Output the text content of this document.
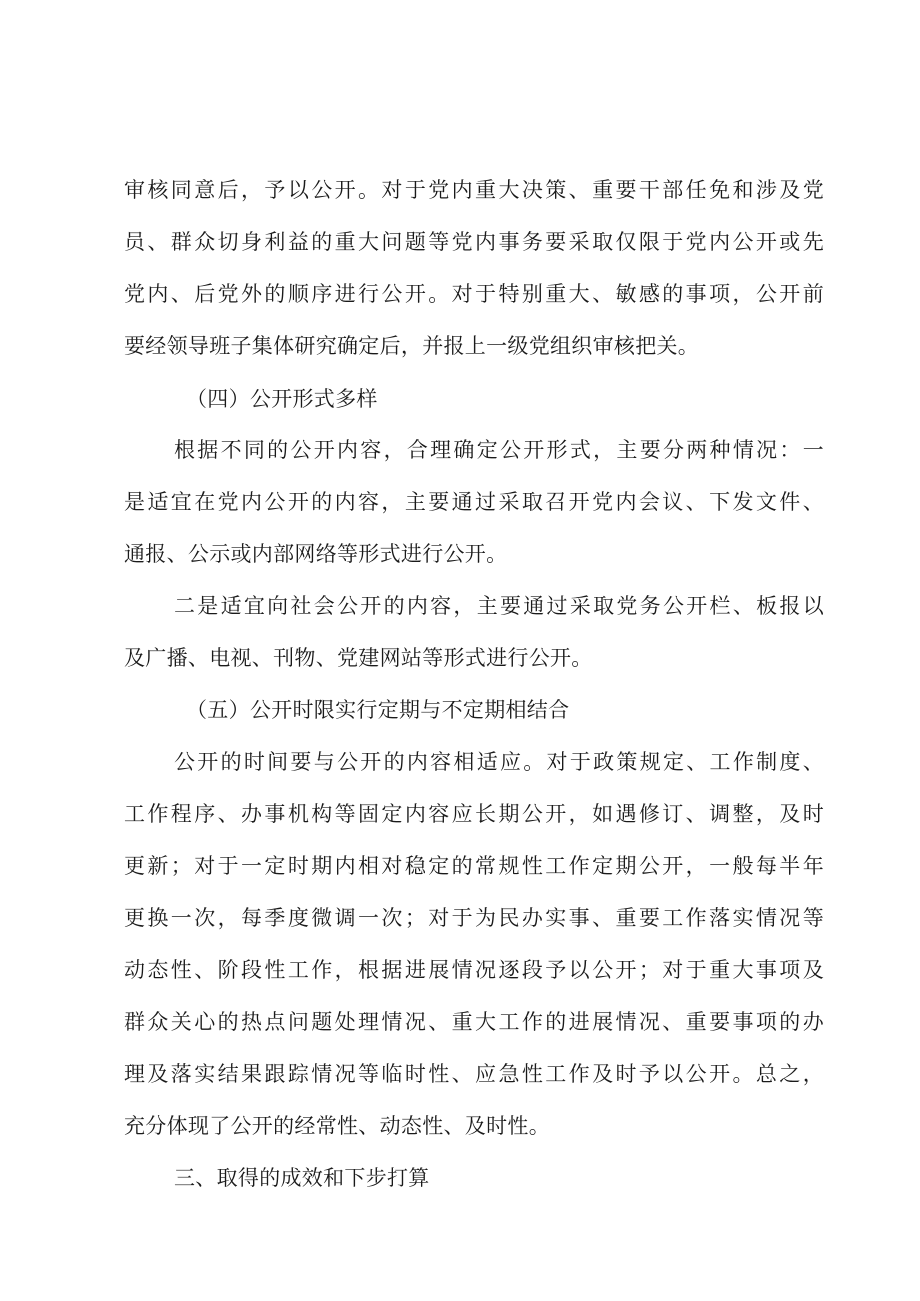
审核同意后，予以公开。对于党内重大决策、重要干部任免和涉及党
员、群众切身利益的重大问题等党内事务要采取仅限于党内公开或先
党内、后党外的顺序进行公开。对于特别重大、敏感的事项，公开前
要经领导班子集体研究确定后，并报上一级党组织审核把关。
（四）公开形式多样
根据不同的公开内容，合理确定公开形式，主要分两种情况：一
是适宜在党内公开的内容，主要通过采取召开党内会议、下发文件、
通报、公示或内部网络等形式进行公开。
二是适宜向社会公开的内容，主要通过采取党务公开栏、板报以
及广播、电视、刊物、党建网站等形式进行公开。
（五）公开时限实行定期与不定期相结合
公开的时间要与公开的内容相适应。对于政策规定、工作制度、
工作程序、办事机构等固定内容应长期公开，如遇修订、调整，及时
更新；对于一定时期内相对稳定的常规性工作定期公开，一般每半年
更换一次，每季度微调一次；对于为民办实事、重要工作落实情况等
动态性、阶段性工作，根据进展情况逐段予以公开；对于重大事项及
群众关心的热点问题处理情况、重大工作的进展情况、重要事项的办
理及落实结果跟踪情况等临时性、应急性工作及时予以公开。总之，
充分体现了公开的经常性、动态性、及时性。
三、取得的成效和下步打算
